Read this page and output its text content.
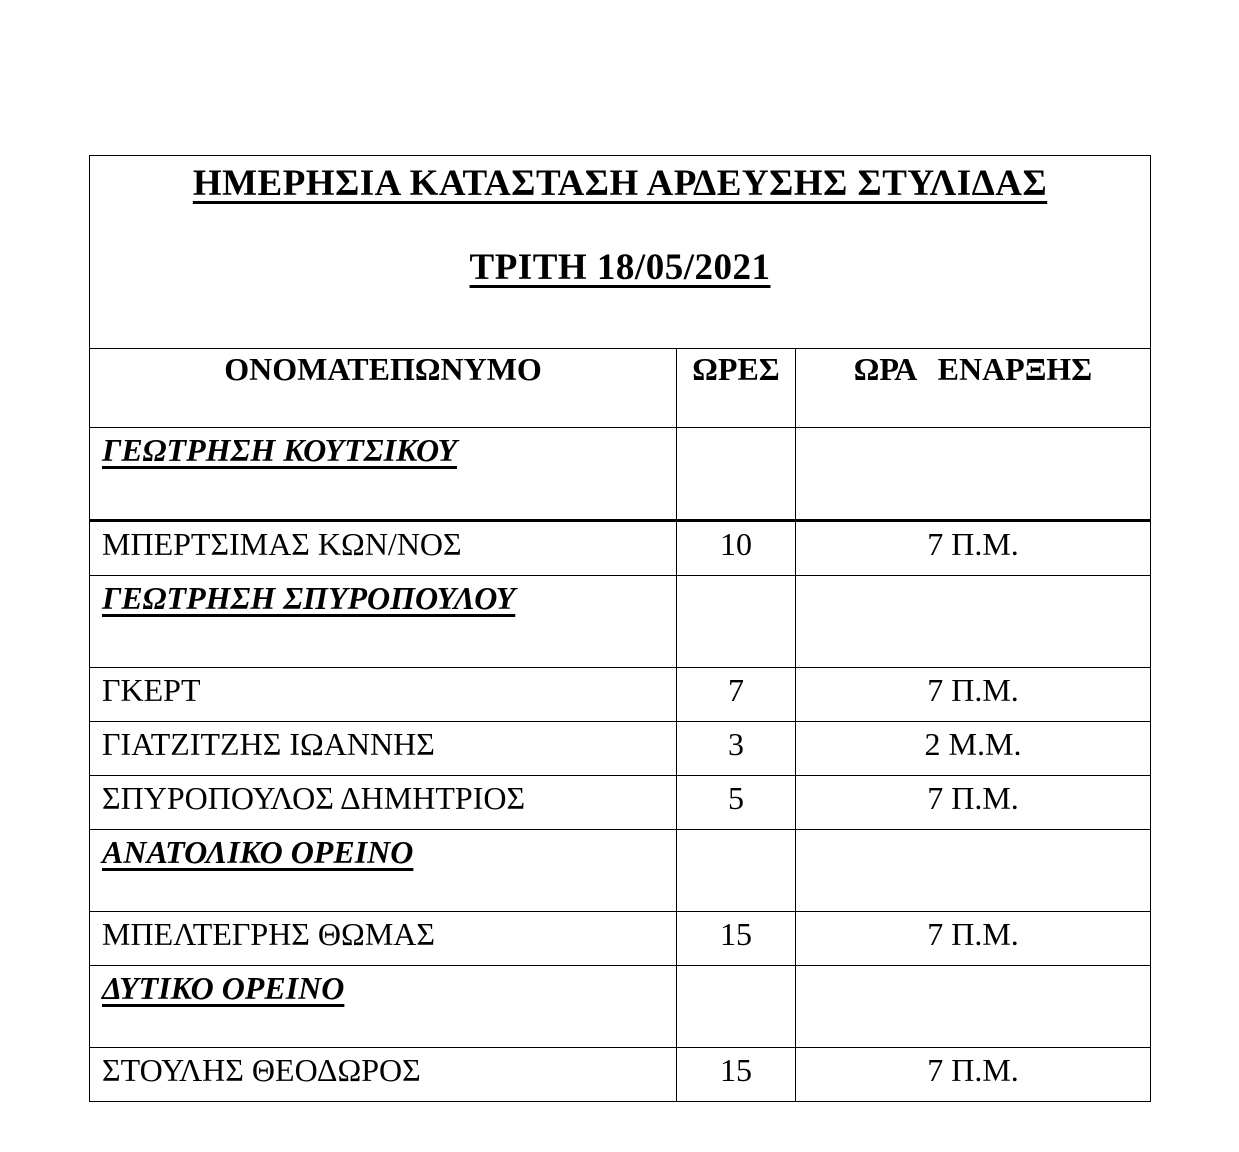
ΗΜΕΡΗΣΙΑ ΚΑΤΑΣΤΑΣΗ ΑΡΔΕΥΣΗΣ ΣΤΥΛΙΔΑΣ
ΤΡΙΤΗ 18/05/2021		
ΟΝΟΜΑΤΕΠΩΝΥΜΟ	ΩΡΕΣ	ΩΡΑ ΕΝΑΡΞΗΣ
ΓΕΩΤΡΗΣΗ ΚΟΥΤΣΙΚΟΥ		
ΜΠΕΡΤΣΙΜΑΣ ΚΩΝ/ΝΟΣ	10	7 Π.Μ.
ΓΕΩΤΡΗΣΗ ΣΠΥΡΟΠΟΥΛΟΥ		
ΓΚΕΡΤ	7	7 Π.Μ.
ΓΙΑΤΖΙΤΖΗΣ ΙΩΑΝΝΗΣ	3	2 Μ.Μ.
ΣΠΥΡΟΠΟΥΛΟΣ ΔΗΜΗΤΡΙΟΣ	5	7 Π.Μ.
ΑΝΑΤΟΛΙΚΟ ΟΡΕΙΝΟ		
ΜΠΕΛΤΕΓΡΗΣ ΘΩΜΑΣ	15	7 Π.Μ.
ΔΥΤΙΚΟ ΟΡΕΙΝΟ		
ΣΤΟΥΛΗΣ ΘΕΟΔΩΡΟΣ	15	7 Π.Μ.
